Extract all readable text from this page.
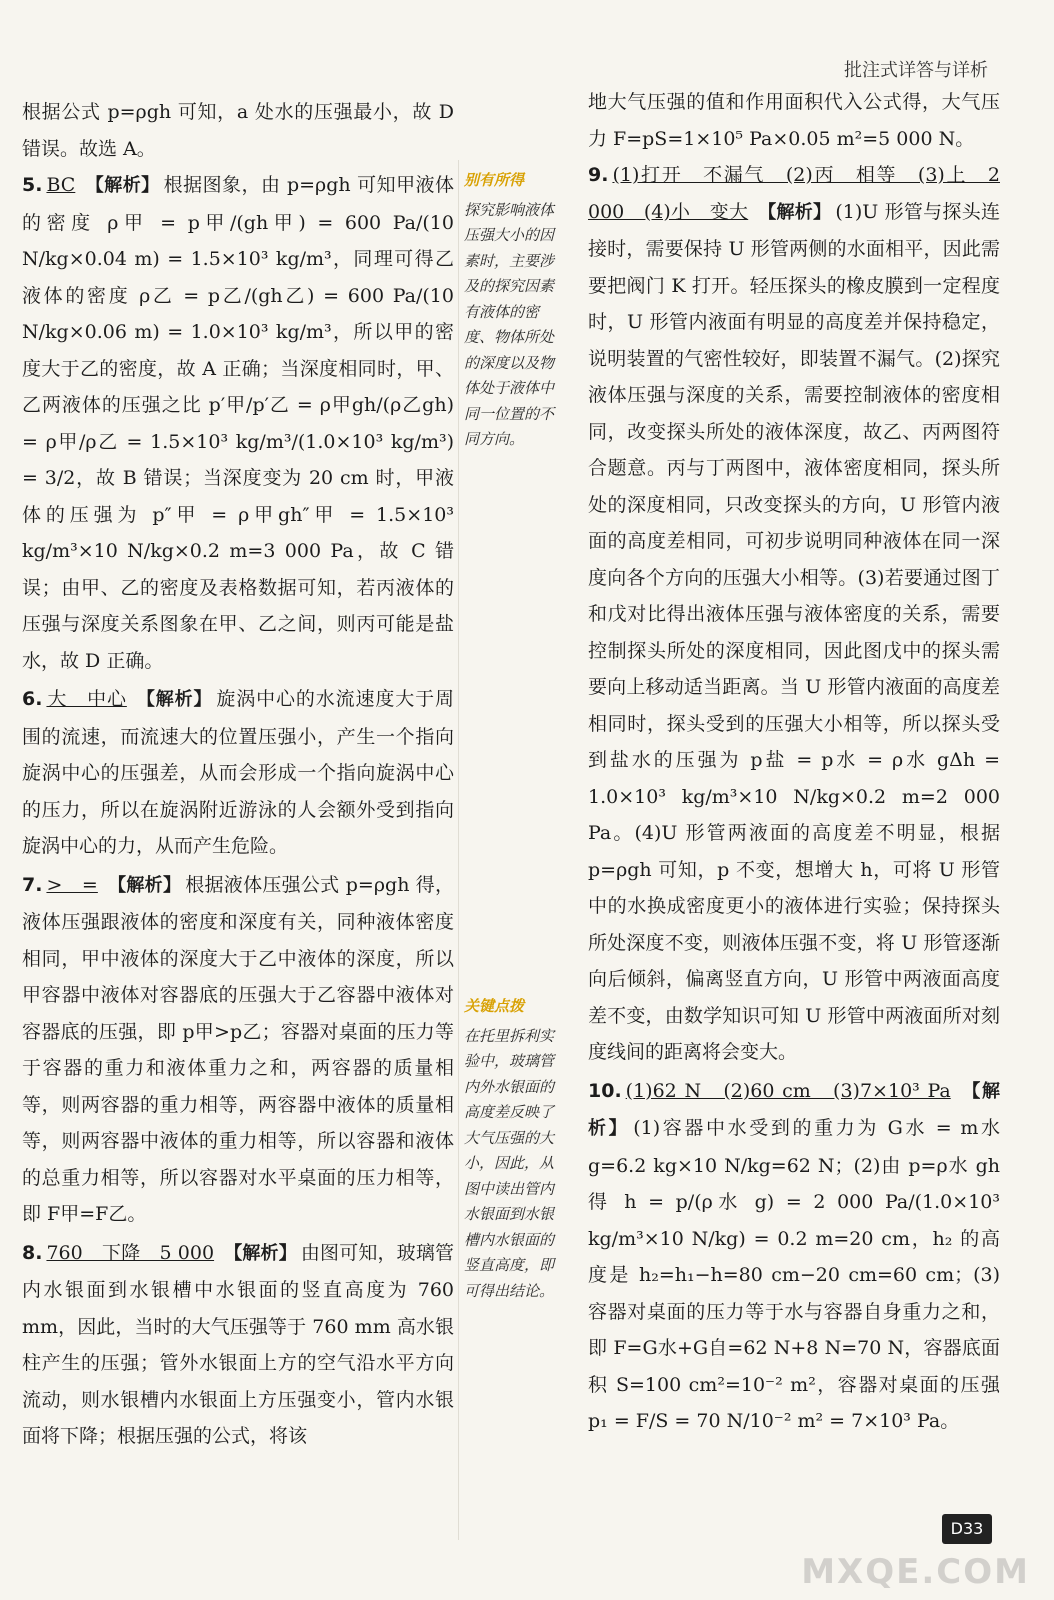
批注式详答与详析

根据公式 p=ρgh 可知，a 处水的压强最小，故 D 错误。故选 A。

5. BC 【解析】 根据图象，由 p=ρgh 可知甲液体的密度 ρ甲 = p甲/(gh甲) = 600 Pa/(10 N/kg×0.04 m) = 1.5×10³ kg/m³，同理可得乙液体的密度 ρ乙 = p乙/(gh乙) = 600 Pa/(10 N/kg×0.06 m) = 1.0×10³ kg/m³，所以甲的密度大于乙的密度，故 A 正确；当深度相同时，甲、乙两液体的压强之比 p′甲/p′乙 = ρ甲gh/(ρ乙gh) = ρ甲/ρ乙 = 1.5×10³ kg/m³/(1.0×10³ kg/m³) = 3/2，故 B 错误；当深度变为 20 cm 时，甲液体的压强为 p″甲 = ρ甲gh″甲 = 1.5×10³ kg/m³×10 N/kg×0.2 m=3 000 Pa，故 C 错误；由甲、乙的密度及表格数据可知，若丙液体的压强与深度关系图象在甲、乙之间，则丙可能是盐水，故 D 正确。

6. 大　中心 【解析】 旋涡中心的水流速度大于周围的流速，而流速大的位置压强小，产生一个指向旋涡中心的压强差，从而会形成一个指向旋涡中心的压力，所以在旋涡附近游泳的人会额外受到指向旋涡中心的力，从而产生危险。

7. >　= 【解析】 根据液体压强公式 p=ρgh 得，液体压强跟液体的密度和深度有关，同种液体密度相同，甲中液体的深度大于乙中液体的深度，所以甲容器中液体对容器底的压强大于乙容器中液体对容器底的压强，即 p甲>p乙；容器对桌面的压力等于容器的重力和液体重力之和，两容器的质量相等，则两容器的重力相等，两容器中液体的质量相等，则两容器中液体的重力相等，所以容器和液体的总重力相等，所以容器对水平桌面的压力相等，即 F甲=F乙。

8. 760　下降　5 000 【解析】 由图可知，玻璃管内水银面到水银槽中水银面的竖直高度为 760 mm，因此，当时的大气压强等于 760 mm 高水银柱产生的压强；管外水银面上方的空气沿水平方向流动，则水银槽内水银面上方压强变小，管内水银面将下降；根据压强的公式，将该

别有所得
探究影响液体压强大小的因素时，主要涉及的探究因素有液体的密度、物体所处的深度以及物体处于液体中同一位置的不同方向。
关键点拨
在托里拆利实验中，玻璃管内外水银面的高度差反映了大气压强的大小，因此，从图中读出管内水银面到水银槽内水银面的竖直高度，即可得出结论。

地大气压强的值和作用面积代入公式得，大气压力 F=pS=1×10⁵ Pa×0.05 m²=5 000 N。

9. (1)打开　不漏气　(2)丙　相等　(3)上　2 000　(4)小　变大 【解析】 (1)U 形管与探头连接时，需要保持 U 形管两侧的水面相平，因此需要把阀门 K 打开。轻压探头的橡皮膜到一定程度时，U 形管内液面有明显的高度差并保持稳定，说明装置的气密性较好，即装置不漏气。(2)探究液体压强与深度的关系，需要控制液体的密度相同，改变探头所处的液体深度，故乙、丙两图符合题意。丙与丁两图中，液体密度相同，探头所处的深度相同，只改变探头的方向，U 形管内液面的高度差相同，可初步说明同种液体在同一深度向各个方向的压强大小相等。(3)若要通过图丁和戊对比得出液体压强与液体密度的关系，需要控制探头所处的深度相同，因此图戊中的探头需要向上移动适当距离。当 U 形管内液面的高度差相同时，探头受到的压强大小相等，所以探头受到盐水的压强为 p盐 = p水 = ρ水 gΔh = 1.0×10³ kg/m³×10 N/kg×0.2 m=2 000 Pa。(4)U 形管两液面的高度差不明显，根据 p=ρgh 可知，p 不变，想增大 h，可将 U 形管中的水换成密度更小的液体进行实验；保持探头所处深度不变，则液体压强不变，将 U 形管逐渐向后倾斜，偏离竖直方向，U 形管中两液面高度差不变，由数学知识可知 U 形管中两液面所对刻度线间的距离将会变大。

10. (1)62 N　(2)60 cm　(3)7×10³ Pa 【解析】 (1)容器中水受到的重力为 G水 = m水 g=6.2 kg×10 N/kg=62 N；(2)由 p=ρ水 gh 得 h = p/(ρ水 g) = 2 000 Pa/(1.0×10³ kg/m³×10 N/kg) = 0.2 m=20 cm，h₂ 的高度是 h₂=h₁−h=80 cm−20 cm=60 cm；(3)容器对桌面的压力等于水与容器自身重力之和，即 F=G水+G自=62 N+8 N=70 N，容器底面积 S=100 cm²=10⁻² m²，容器对桌面的压强 p₁ = F/S = 70 N/10⁻² m² = 7×10³ Pa。

D33
MXQE.COM
